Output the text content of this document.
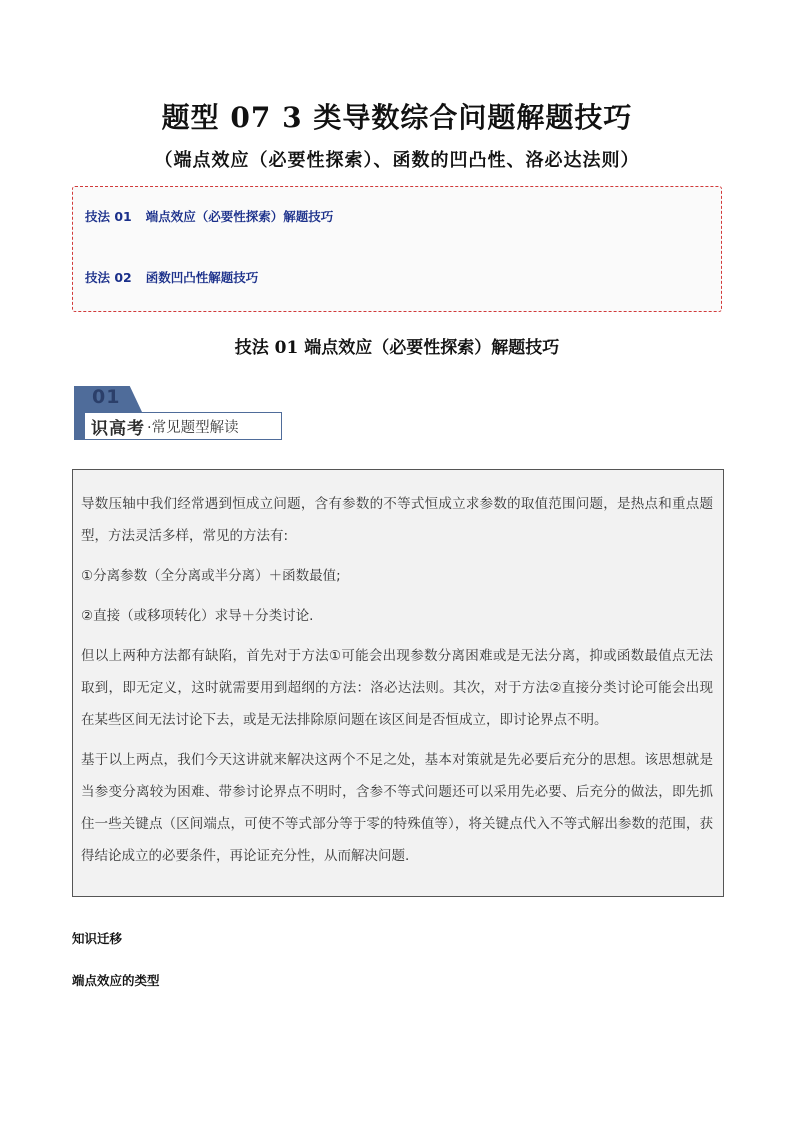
题型 07 3 类导数综合问题解题技巧
（端点效应（必要性探索）、函数的凹凸性、洛必达法则）
技法 01 端点效应（必要性探索）解题技巧
技法 02 函数凹凸性解题技巧
技法 01 端点效应（必要性探索）解题技巧
01
识高考 ·常见题型解读

导数压轴中我们经常遇到恒成立问题，含有参数的不等式恒成立求参数的取值范围问题，是热点和重点题型，方法灵活多样，常见的方法有:

①分离参数（全分离或半分离）＋函数最值;

②直接（或移项转化）求导＋分类讨论.

但以上两种方法都有缺陷，首先对于方法①可能会出现参数分离困难或是无法分离，抑或函数最值点无法取到，即无定义，这时就需要用到超纲的方法：洛必达法则。其次，对于方法②直接分类讨论可能会出现在某些区间无法讨论下去，或是无法排除原问题在该区间是否恒成立，即讨论界点不明。

基于以上两点，我们今天这讲就来解决这两个不足之处，基本对策就是先必要后充分的思想。该思想就是当参变分离较为困难、带参讨论界点不明时，含参不等式问题还可以采用先必要、后充分的做法，即先抓住一些关键点（区间端点，可使不等式部分等于零的特殊值等），将关键点代入不等式解出参数的范围，获得结论成立的必要条件，再论证充分性，从而解决问题.

知识迁移
端点效应的类型
